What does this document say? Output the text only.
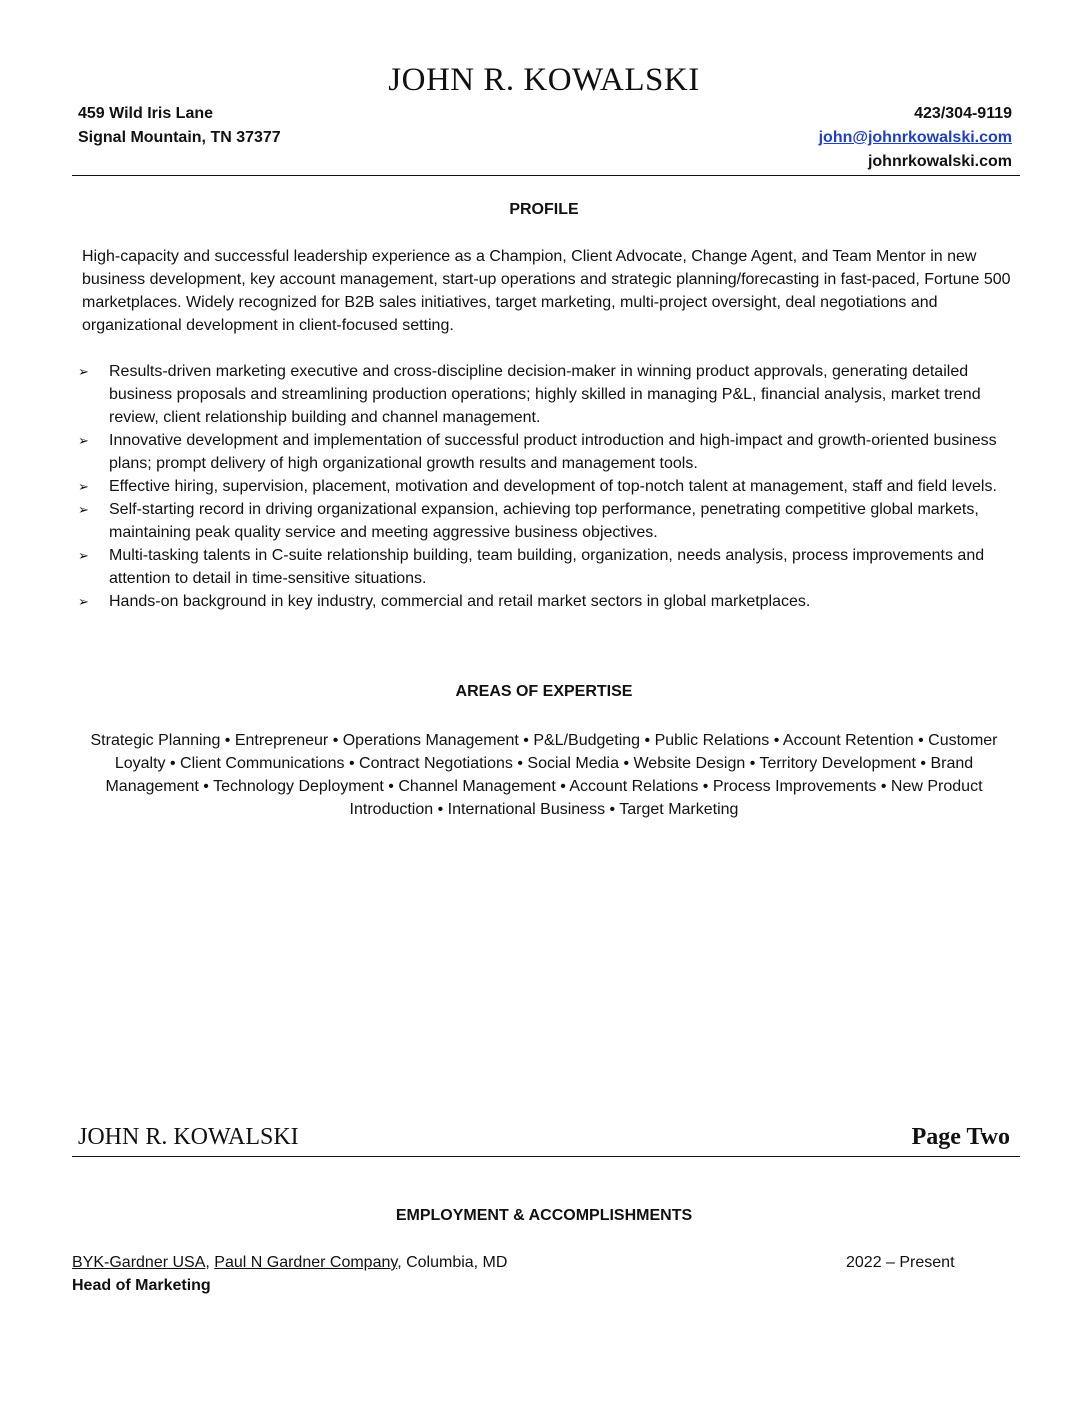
JOHN R. KOWALSKI
459 Wild Iris Lane
Signal Mountain, TN 37377
423/304-9119
john@johnrkowalski.com
johnrkowalski.com
PROFILE
High-capacity and successful leadership experience as a Champion, Client Advocate, Change Agent, and Team Mentor in new business development, key account management, start-up operations and strategic planning/forecasting in fast-paced, Fortune 500 marketplaces. Widely recognized for B2B sales initiatives, target marketing, multi-project oversight, deal negotiations and organizational development in client-focused setting.
➢ Results-driven marketing executive and cross-discipline decision-maker in winning product approvals, generating detailed business proposals and streamlining production operations; highly skilled in managing P&L, financial analysis, market trend review, client relationship building and channel management.
➢ Innovative development and implementation of successful product introduction and high-impact and growth-oriented business plans; prompt delivery of high organizational growth results and management tools.
➢ Effective hiring, supervision, placement, motivation and development of top-notch talent at management, staff and field levels.
➢ Self-starting record in driving organizational expansion, achieving top performance, penetrating competitive global markets, maintaining peak quality service and meeting aggressive business objectives.
➢ Multi-tasking talents in C-suite relationship building, team building, organization, needs analysis, process improvements and attention to detail in time-sensitive situations.
➢ Hands-on background in key industry, commercial and retail market sectors in global marketplaces.
AREAS OF EXPERTISE
Strategic Planning • Entrepreneur • Operations Management • P&L/Budgeting • Public Relations • Account Retention • Customer Loyalty • Client Communications • Contract Negotiations • Social Media • Website Design • Territory Development • Brand Management • Technology Deployment • Channel Management • Account Relations • Process Improvements • New Product Introduction • International Business • Target Marketing
JOHN R. KOWALSKI	Page Two
EMPLOYMENT & ACCOMPLISHMENTS
BYK-Gardner USA, Paul N Gardner Company, Columbia, MD	2022 – Present
Head of Marketing
